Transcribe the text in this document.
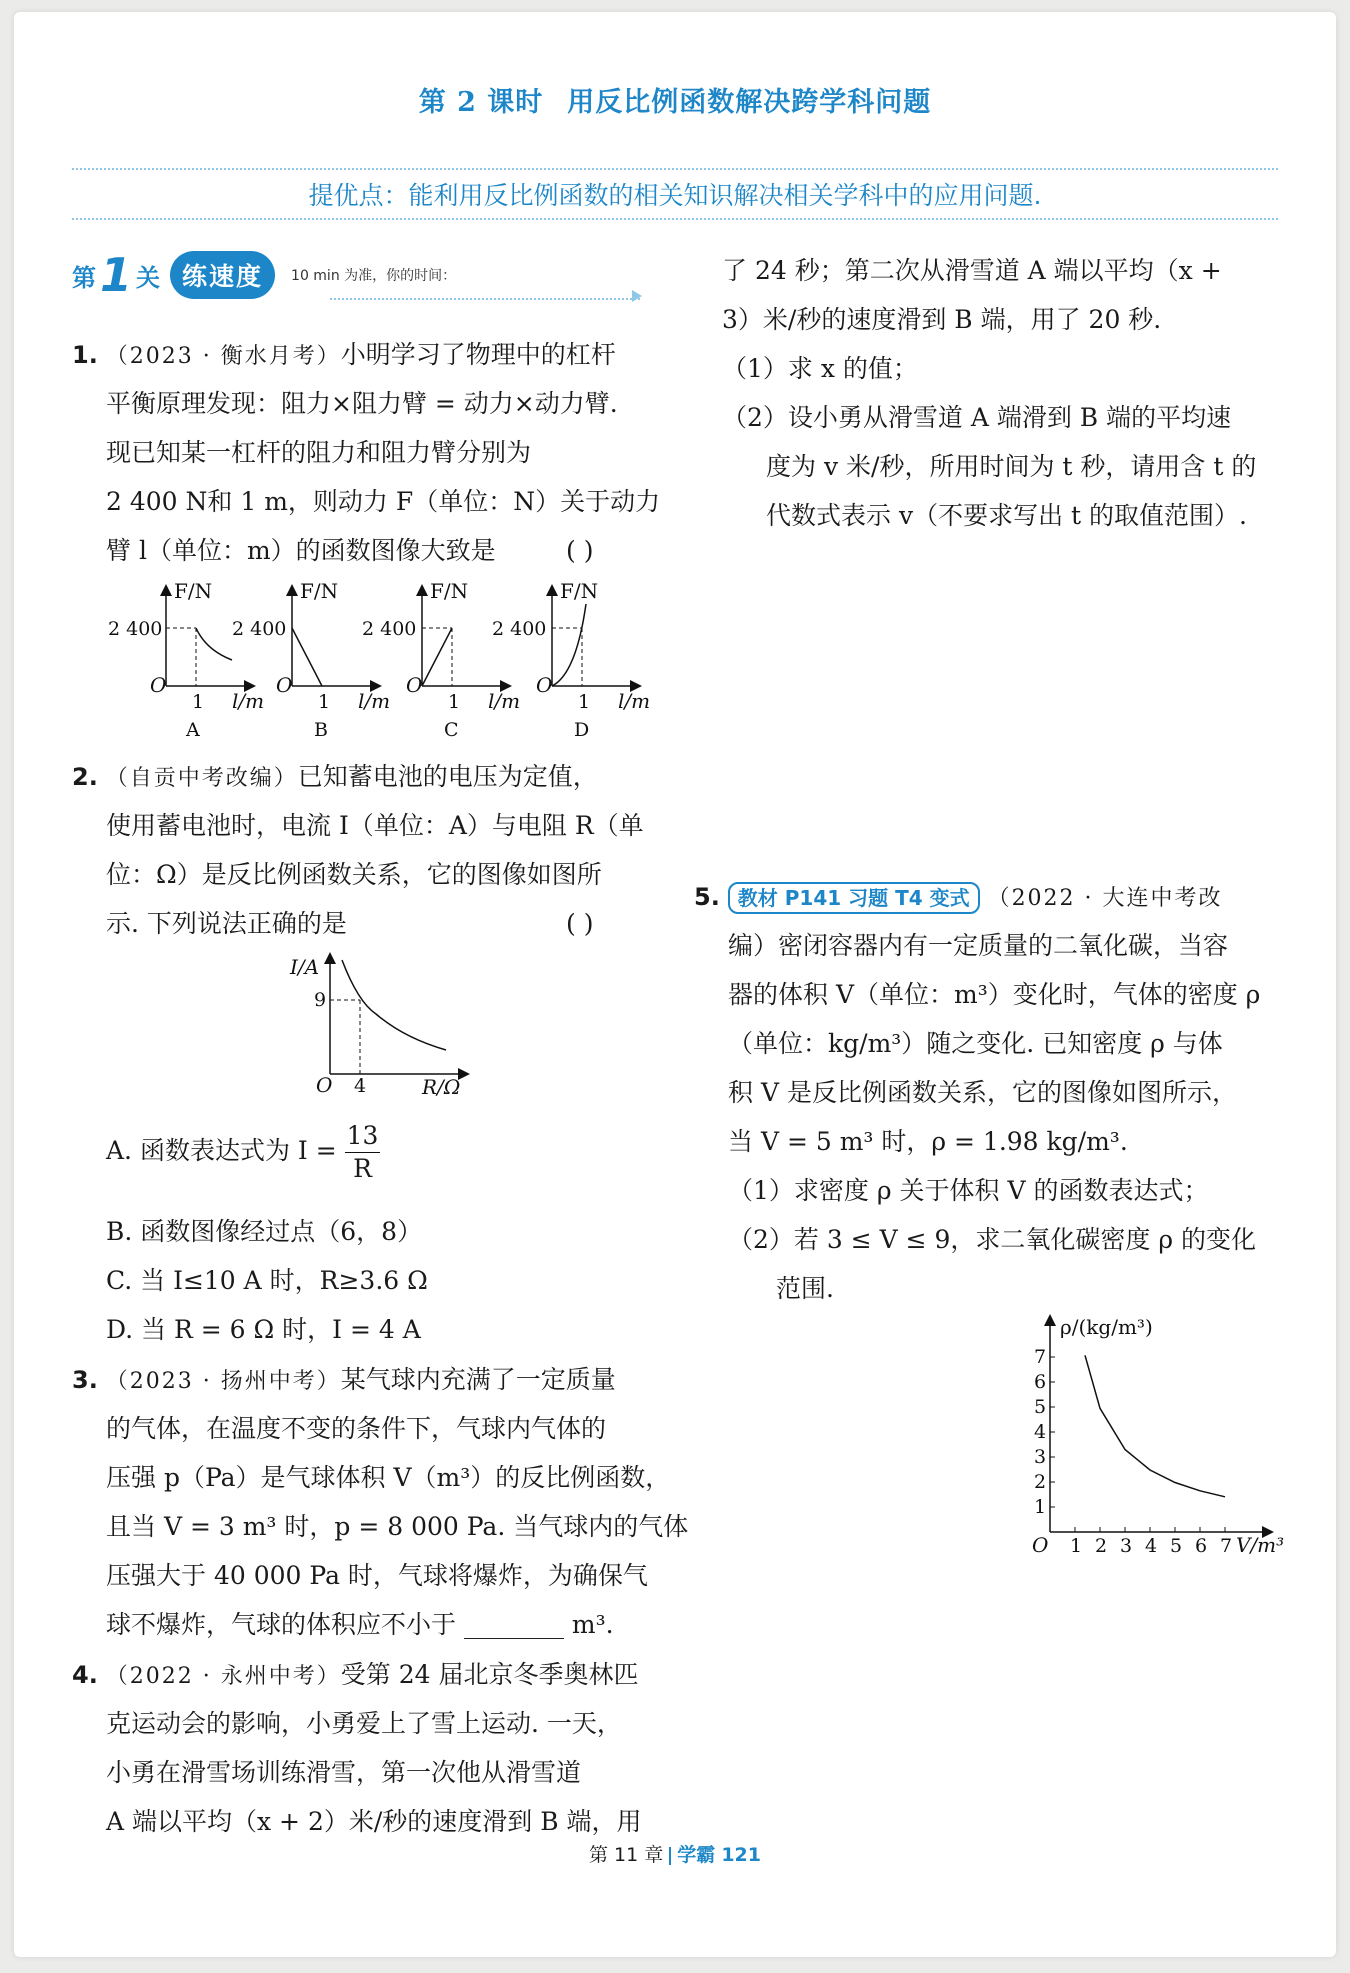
第 2 课时 用反比例函数解决跨学科问题
提优点：能利用反比例函数的相关知识解决相关学科中的应用问题.
第 1 关 练速度	10 min 为准，你的时间：
1. （2023 · 衡水月考）小明学习了物理中的杠杆
平衡原理发现：阻力×阻力臂 = 动力×动力臂.
现已知某一杠杆的阻力和阻力臂分别为
2 400 N和 1 m，则动力 F（单位：N）关于动力
臂 l（单位：m）的函数图像大致是	( )
F/N
2 400
O
1 l/m
A
F/N
2 400
O
1 l/m
B
F/N
2 400
O
1 l/m
C
F/N
2 400
O
1 l/m
D
2. （自贡中考改编）已知蓄电池的电压为定值，
使用蓄电池时，电流 I（单位：A）与电阻 R（单
位：Ω）是反比例函数关系，它的图像如图所
示. 下列说法正确的是	( )
I/A
9
O 4	R/Ω
A. 函数表达式为 $I = \frac{13}{R}$
B. 函数图像经过点（6，8）
C. 当 I≤10 A 时，R≥3.6 Ω
D. 当 R = 6 Ω 时，I = 4 A
3. （2023 · 扬州中考）某气球内充满了一定质量
的气体，在温度不变的条件下，气球内气体的
压强 p（Pa）是气球体积 V（m³）的反比例函数，
且当 V = 3 m³ 时，p = 8 000 Pa. 当气球内的气体
压强大于 40 000 Pa 时，气球将爆炸，为确保气
球不爆炸，气球的体积应不小于 ________ m³.
4. （2022 · 永州中考）受第 24 届北京冬季奥林匹
克运动会的影响，小勇爱上了雪上运动. 一天，
小勇在滑雪场训练滑雪，第一次他从滑雪道
A 端以平均（x + 2）米/秒的速度滑到 B 端，用
了 24 秒；第二次从滑雪道 A 端以平均（x +
3）米/秒的速度滑到 B 端，用了 20 秒.
（1）求 x 的值；
（2）设小勇从滑雪道 A 端滑到 B 端的平均速
度为 v 米/秒，所用时间为 t 秒，请用含 t 的
代数式表示 v（不要求写出 t 的取值范围）.
5. 教材 P141 习题 T4 变式 （2022 · 大连中考改
编）密闭容器内有一定质量的二氧化碳，当容
器的体积 V（单位：m³）变化时，气体的密度 ρ
（单位：kg/m³）随之变化. 已知密度 ρ 与体
积 V 是反比例函数关系，它的图像如图所示，
当 V = 5 m³ 时，ρ = 1.98 kg/m³.
（1）求密度 ρ 关于体积 V 的函数表达式；
（2）若 3 ≤ V ≤ 9，求二氧化碳密度 ρ 的变化
范围.
ρ/(kg/m³)
O	V/m³
1 2 3 4 5 6 7
1
2
3
4
5
6
7
第 11 章 学霸 121
